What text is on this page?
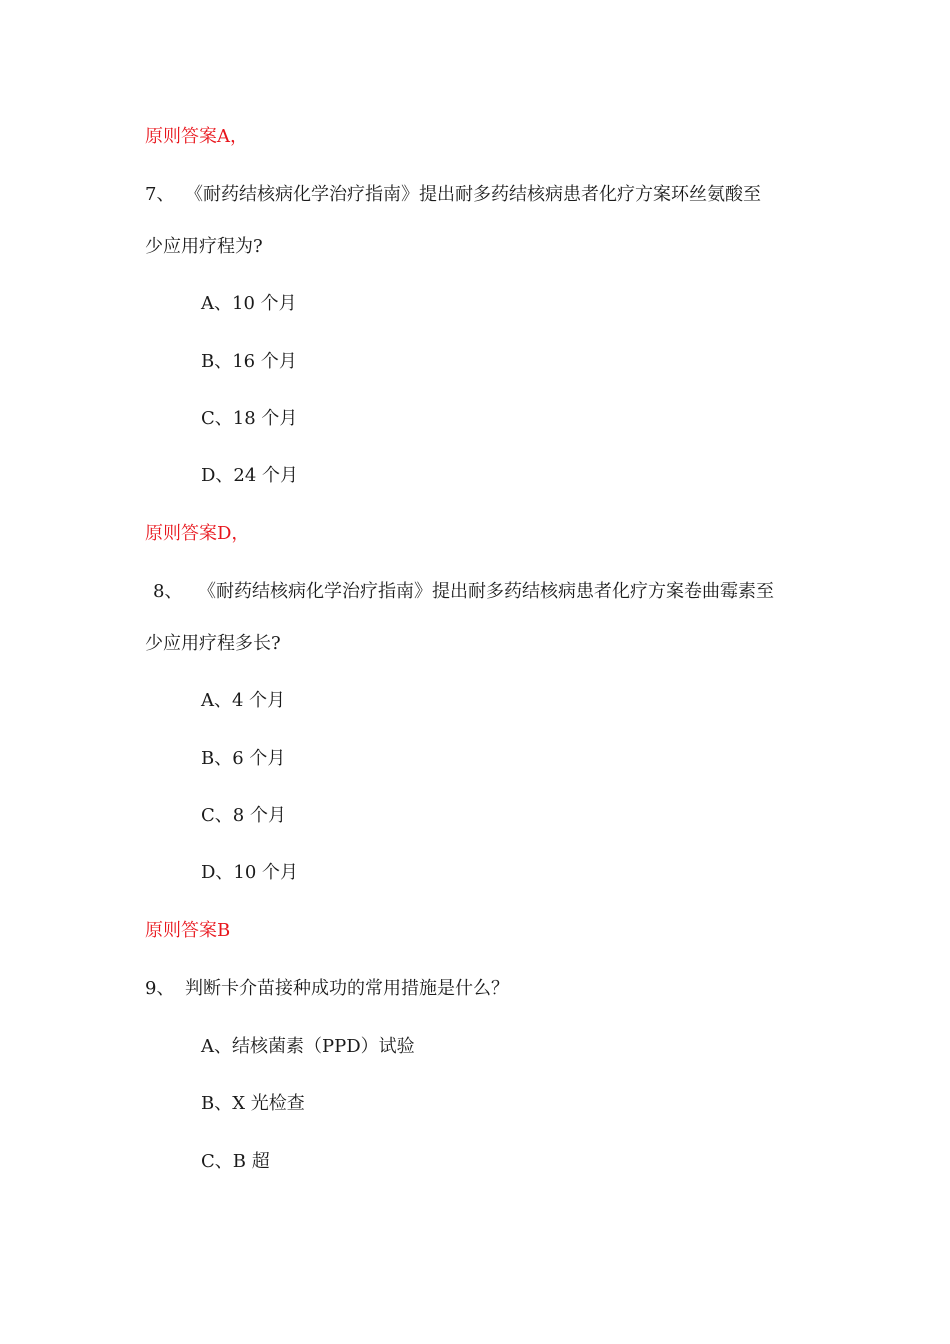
原则答案A，
7、 《耐药结核病化学治疗指南》提出耐多药结核病患者化疗方案环丝氨酸至
少应用疗程为?
A、10 个月
B、16 个月
C、18 个月
D、24 个月
原则答案D，
8、 《耐药结核病化学治疗指南》提出耐多药结核病患者化疗方案卷曲霉素至
少应用疗程多长?
A、4 个月
B、6 个月
C、8 个月
D、10 个月
原则答案B
9、 判断卡介苗接种成功的常用措施是什么？
A、结核菌素（PPD）试验
B、X 光检查
C、B 超
